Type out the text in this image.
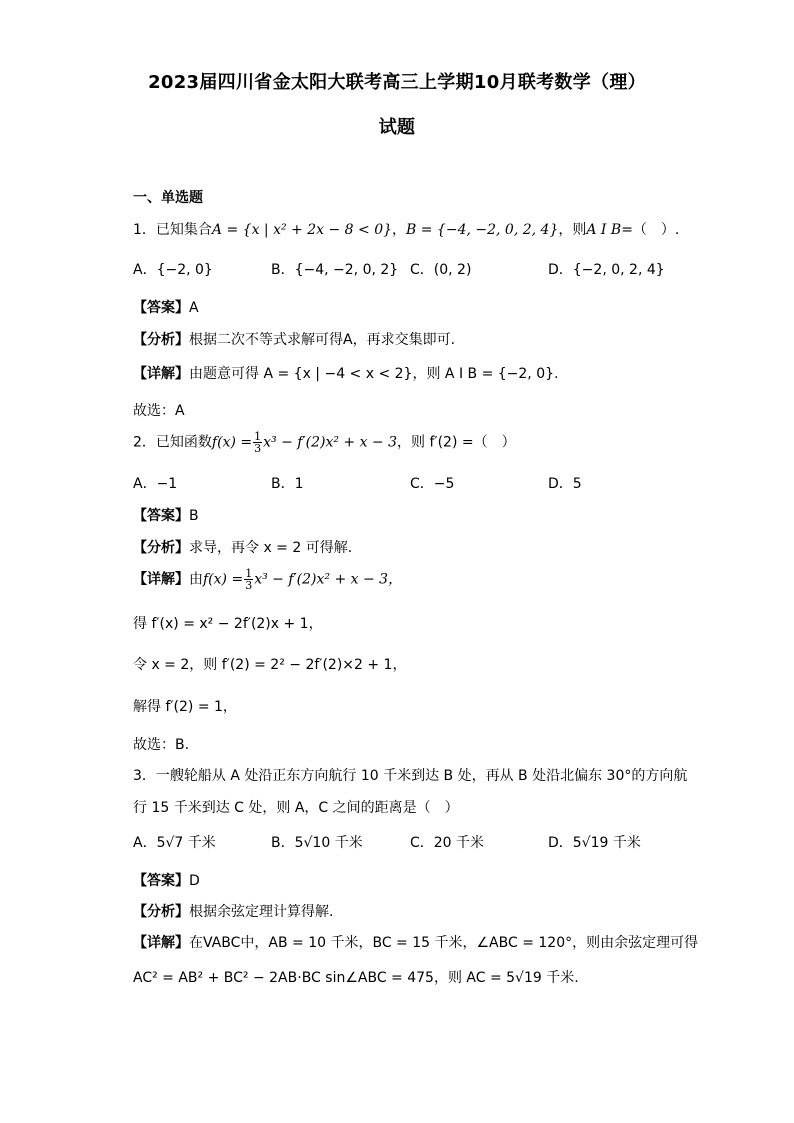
2023届四川省金太阳大联考高三上学期10月联考数学（理）
试题
一、单选题
1．已知集合A = {x | x² + 2x − 8 < 0}，B = {−4, −2, 0, 2, 4}，则A I B=（　）.
A．{−2, 0}	B．{−4, −2, 0, 2} C．(0, 2)	D．{−2, 0, 2, 4}
【答案】A
【分析】根据二次不等式求解可得A，再求交集即可.
【详解】由题意可得 A = {x | −4 < x < 2}，则 A I B = {−2, 0}.
故选：A
2．已知函数$f(x) = \frac{1}{3} x^3 - f'(2)x^2 + x - 3$，则 f′(2) =（　）
A．−1	B．1	C．−5	D．5
【答案】B
【分析】求导，再令 x = 2 可得解.
【详解】由$f(x) = \frac{1}{3} x^3 - f'(2)x^2 + x - 3$，
得 f′(x) = x² − 2f′(2)x + 1，
令 x = 2，则 f′(2) = 2² − 2f′(2)×2 + 1，
解得 f′(2) = 1，
故选：B.
3．一艘轮船从 A 处沿正东方向航行 10 千米到达 B 处，再从 B 处沿北偏东 30°的方向航
行 15 千米到达 C 处，则 A，C 之间的距离是（　）
A．5√7 千米	B．5√10 千米	C．20 千米	D．5√19 千米
【答案】D
【分析】根据余弦定理计算得解.
【详解】在VABC中，AB = 10 千米，BC = 15 千米，∠ABC = 120°，则由余弦定理可得
AC² = AB² + BC² − 2AB·BC sin∠ABC = 475，则 AC = 5√19 千米.
